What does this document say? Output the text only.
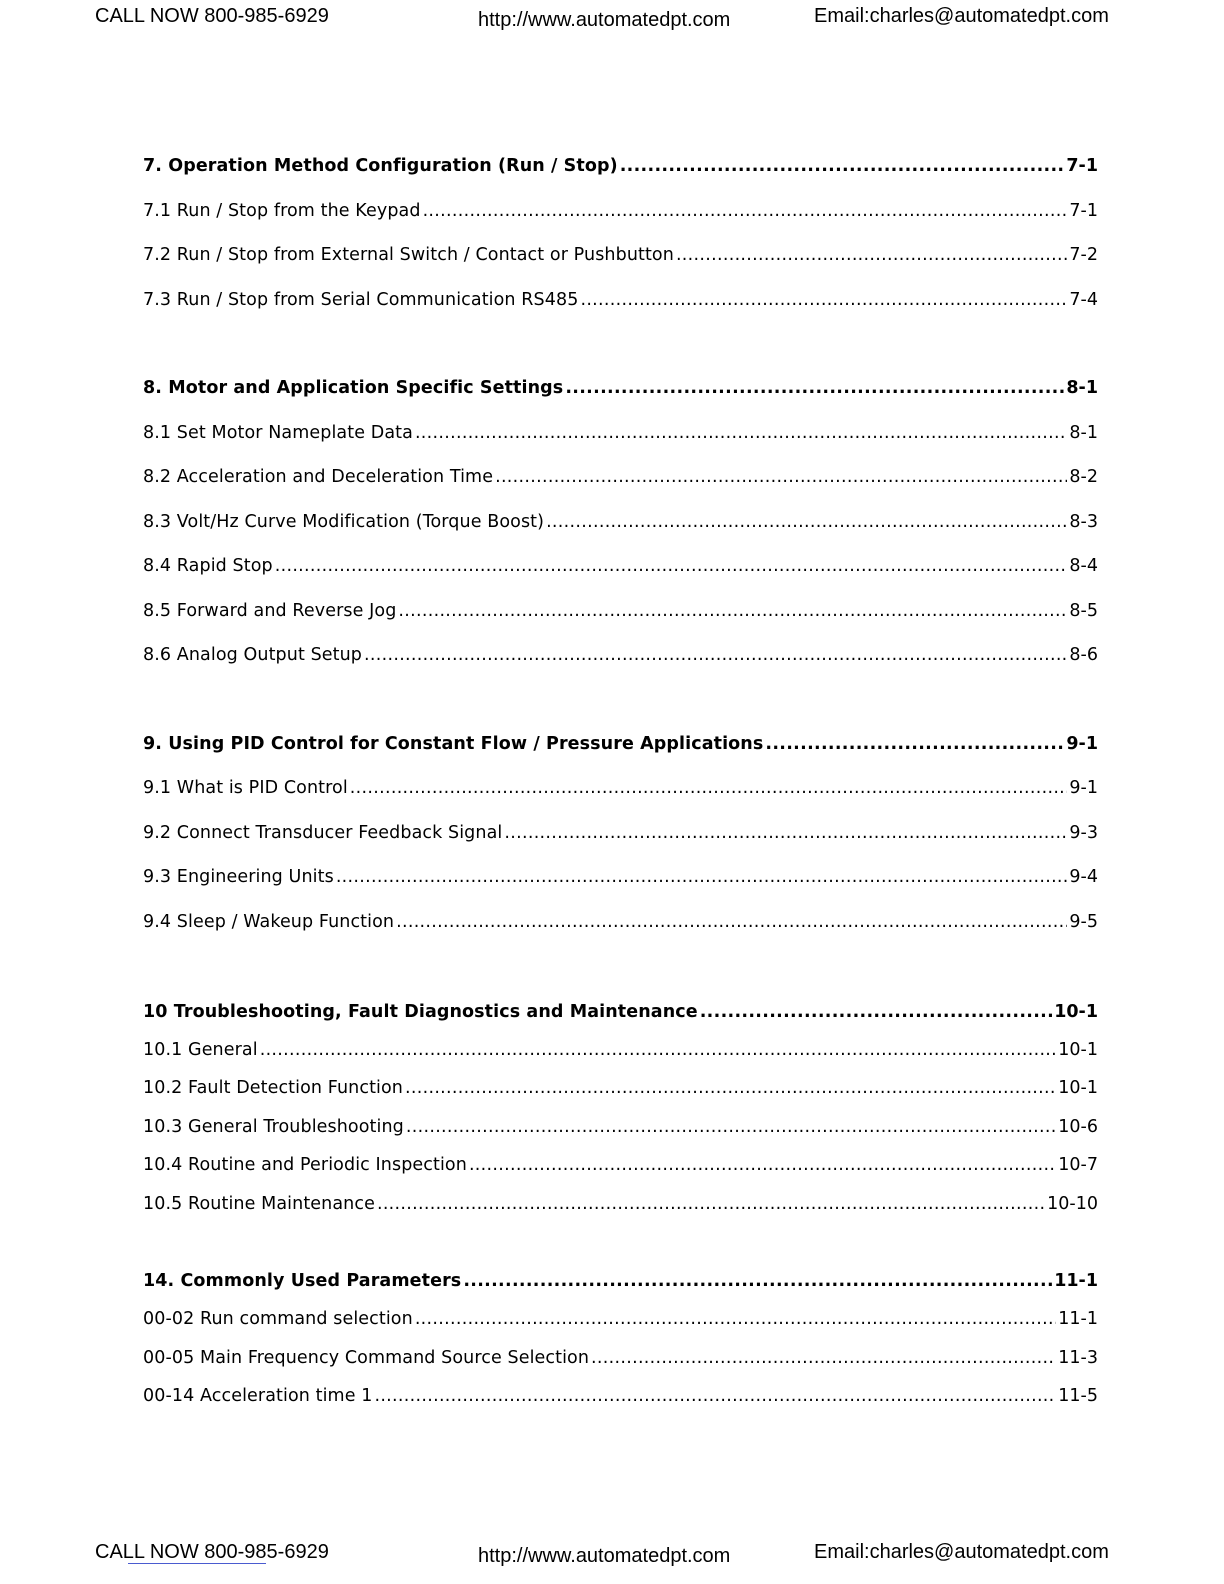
CALL NOW 800-985-6929	http://www.automatedpt.com	Email:charles@automatedpt.com
7. Operation Method Configuration (Run / Stop) .....	7-1
7.1 Run / Stop from the Keypad .....	7-1
7.2 Run / Stop from External Switch / Contact or Pushbutton .....	7-2
7.3 Run / Stop from Serial Communication RS485 .....	7-4
8. Motor and Application Specific Settings .....	8-1
8.1 Set Motor Nameplate Data .....	8-1
8.2 Acceleration and Deceleration Time .....	8-2
8.3 Volt/Hz Curve Modification (Torque Boost) .....	8-3
8.4 Rapid Stop .....	8-4
8.5 Forward and Reverse Jog .....	8-5
8.6 Analog Output Setup .....	8-6
9. Using PID Control for Constant Flow / Pressure Applications .....	9-1
9.1 What is PID Control .....	9-1
9.2 Connect Transducer Feedback Signal .....	9-3
9.3 Engineering Units .....	9-4
9.4 Sleep / Wakeup Function .....	9-5
10 Troubleshooting, Fault Diagnostics and Maintenance .....	10-1
10.1 General .....	10-1
10.2 Fault Detection Function .....	10-1
10.3 General Troubleshooting .....	10-6
10.4 Routine and Periodic Inspection .....	10-7
10.5 Routine Maintenance .....	10-10
14. Commonly Used Parameters .....	11-1
00-02 Run command selection .....	11-1
00-05 Main Frequency Command Source Selection .....	11-3
00-14 Acceleration time 1 .....	11-5
CALL NOW 800-985-6929	http://www.automatedpt.com	Email:charles@automatedpt.com
